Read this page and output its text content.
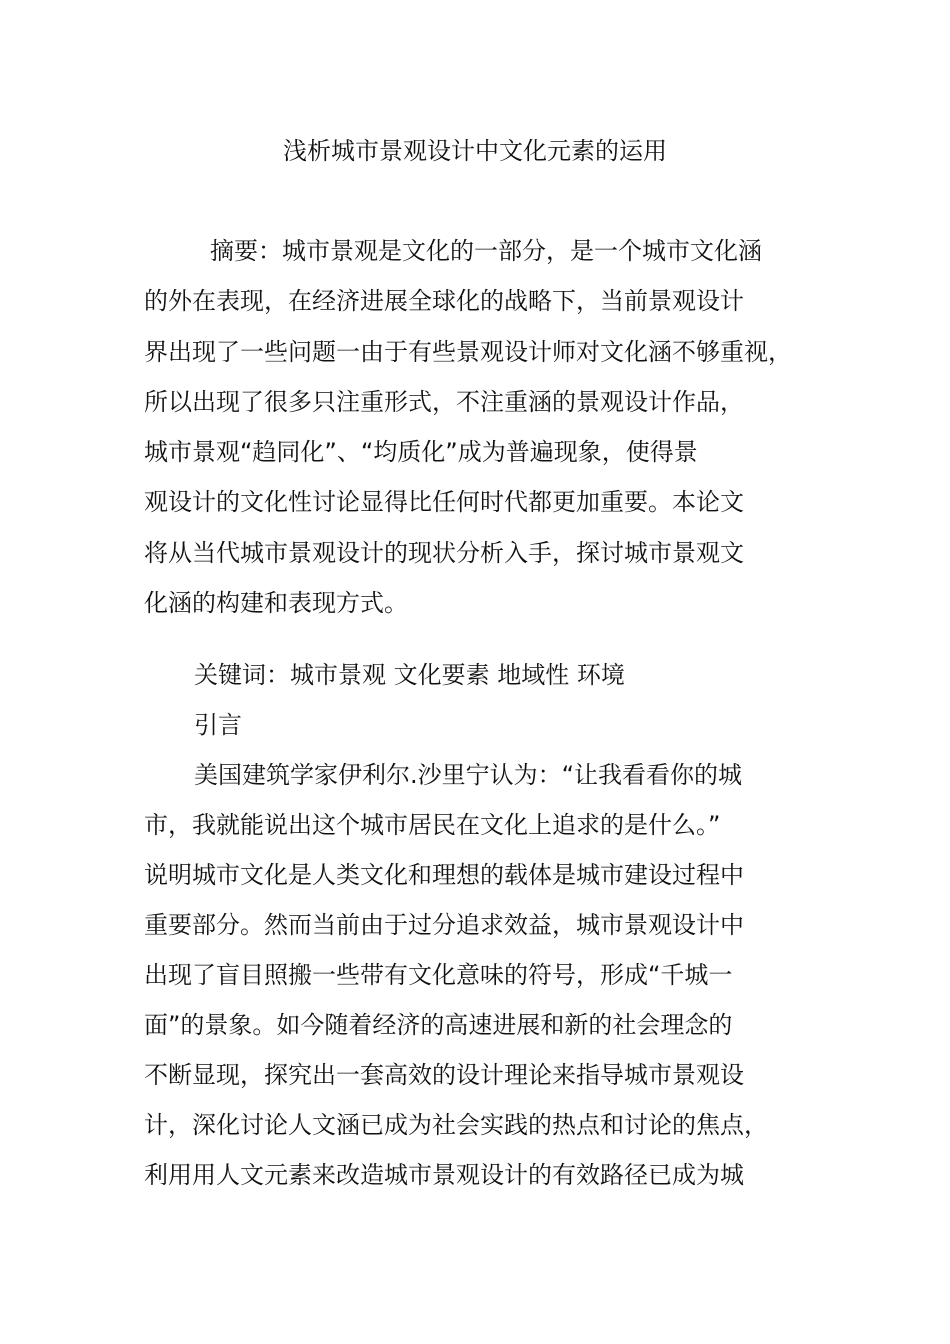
浅析城市景观设计中文化元素的运用
摘要：城市景观是文化的一部分，是一个城市文化涵
的外在表现，在经济进展全球化的战略下，当前景观设计
界出现了一些问题一由于有些景观设计师对文化涵不够重视，
所以出现了很多只注重形式，不注重涵的景观设计作品，
城市景观“趋同化”、“均质化”成为普遍现象，使得景
观设计的文化性讨论显得比任何时代都更加重要。本论文
将从当代城市景观设计的现状分析入手，探讨城市景观文
化涵的构建和表现方式。
关键词：城市景观 文化要素 地域性 环境
引言
美国建筑学家伊利尔.沙里宁认为：“让我看看你的城
市，我就能说出这个城市居民在文化上追求的是什么。”
说明城市文化是人类文化和理想的载体是城市建设过程中
重要部分。然而当前由于过分追求效益，城市景观设计中
出现了盲目照搬一些带有文化意味的符号，形成“千城一
面”的景象。如今随着经济的高速进展和新的社会理念的
不断显现，探究出一套高效的设计理论来指导城市景观设
计，深化讨论人文涵已成为社会实践的热点和讨论的焦点，
利用用人文元素来改造城市景观设计的有效路径已成为城
